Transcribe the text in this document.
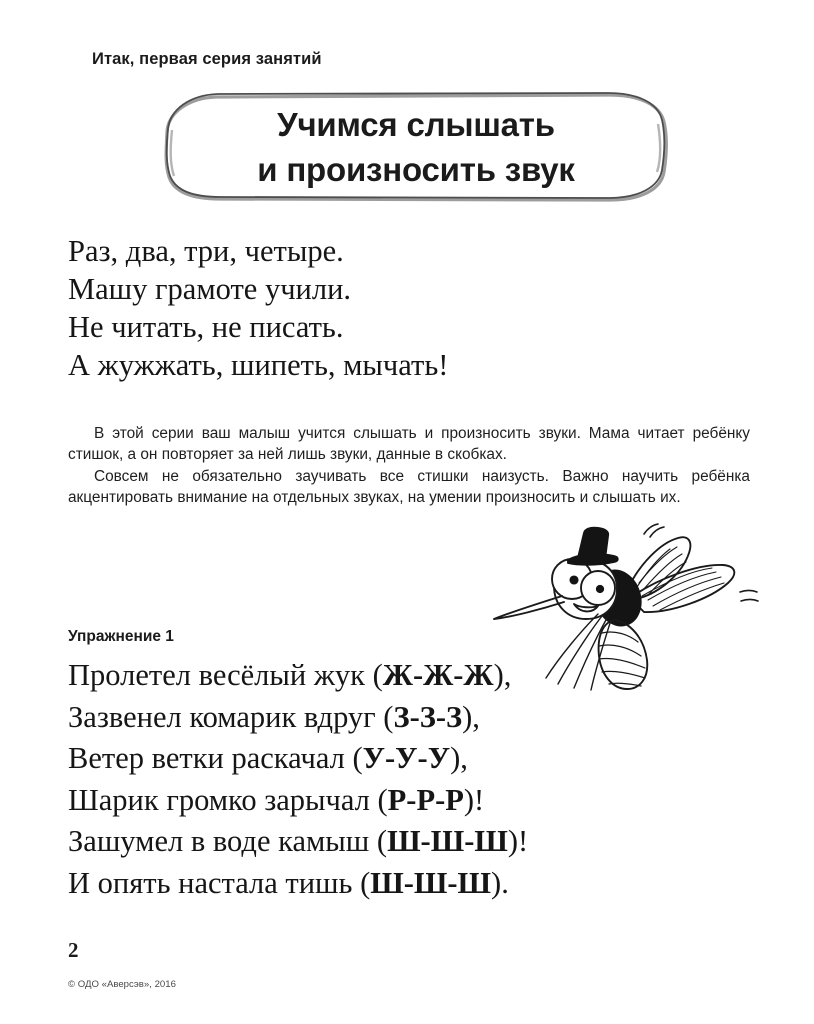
Итак, первая серия занятий
Учимся слышать
и произносить звук
Раз, два, три, четыре.
Машу грамоте учили.
Не читать, не писать.
А жужжать, шипеть, мычать!

В этой серии ваш малыш учится слышать и произносить звуки. Мама читает ребёнку стишок, а он повторяет за ней лишь звуки, данные в скобках.

Совсем не обязательно заучивать все стишки наизусть. Важно научить ребёнка акцентировать внимание на отдельных звуках, на умении произносить и слышать их.

Упражнение 1
Пролетел весёлый жук (Ж-Ж-Ж),
Зазвенел комарик вдруг (З-З-З),
Ветер ветки раскачал (У-У-У),
Шарик громко зарычал (Р-Р-Р)!
Зашумел в воде камыш (Ш-Ш-Ш)!
И опять настала тишь (Ш-Ш-Ш).
2
© ОДО «Аверсэв», 2016
